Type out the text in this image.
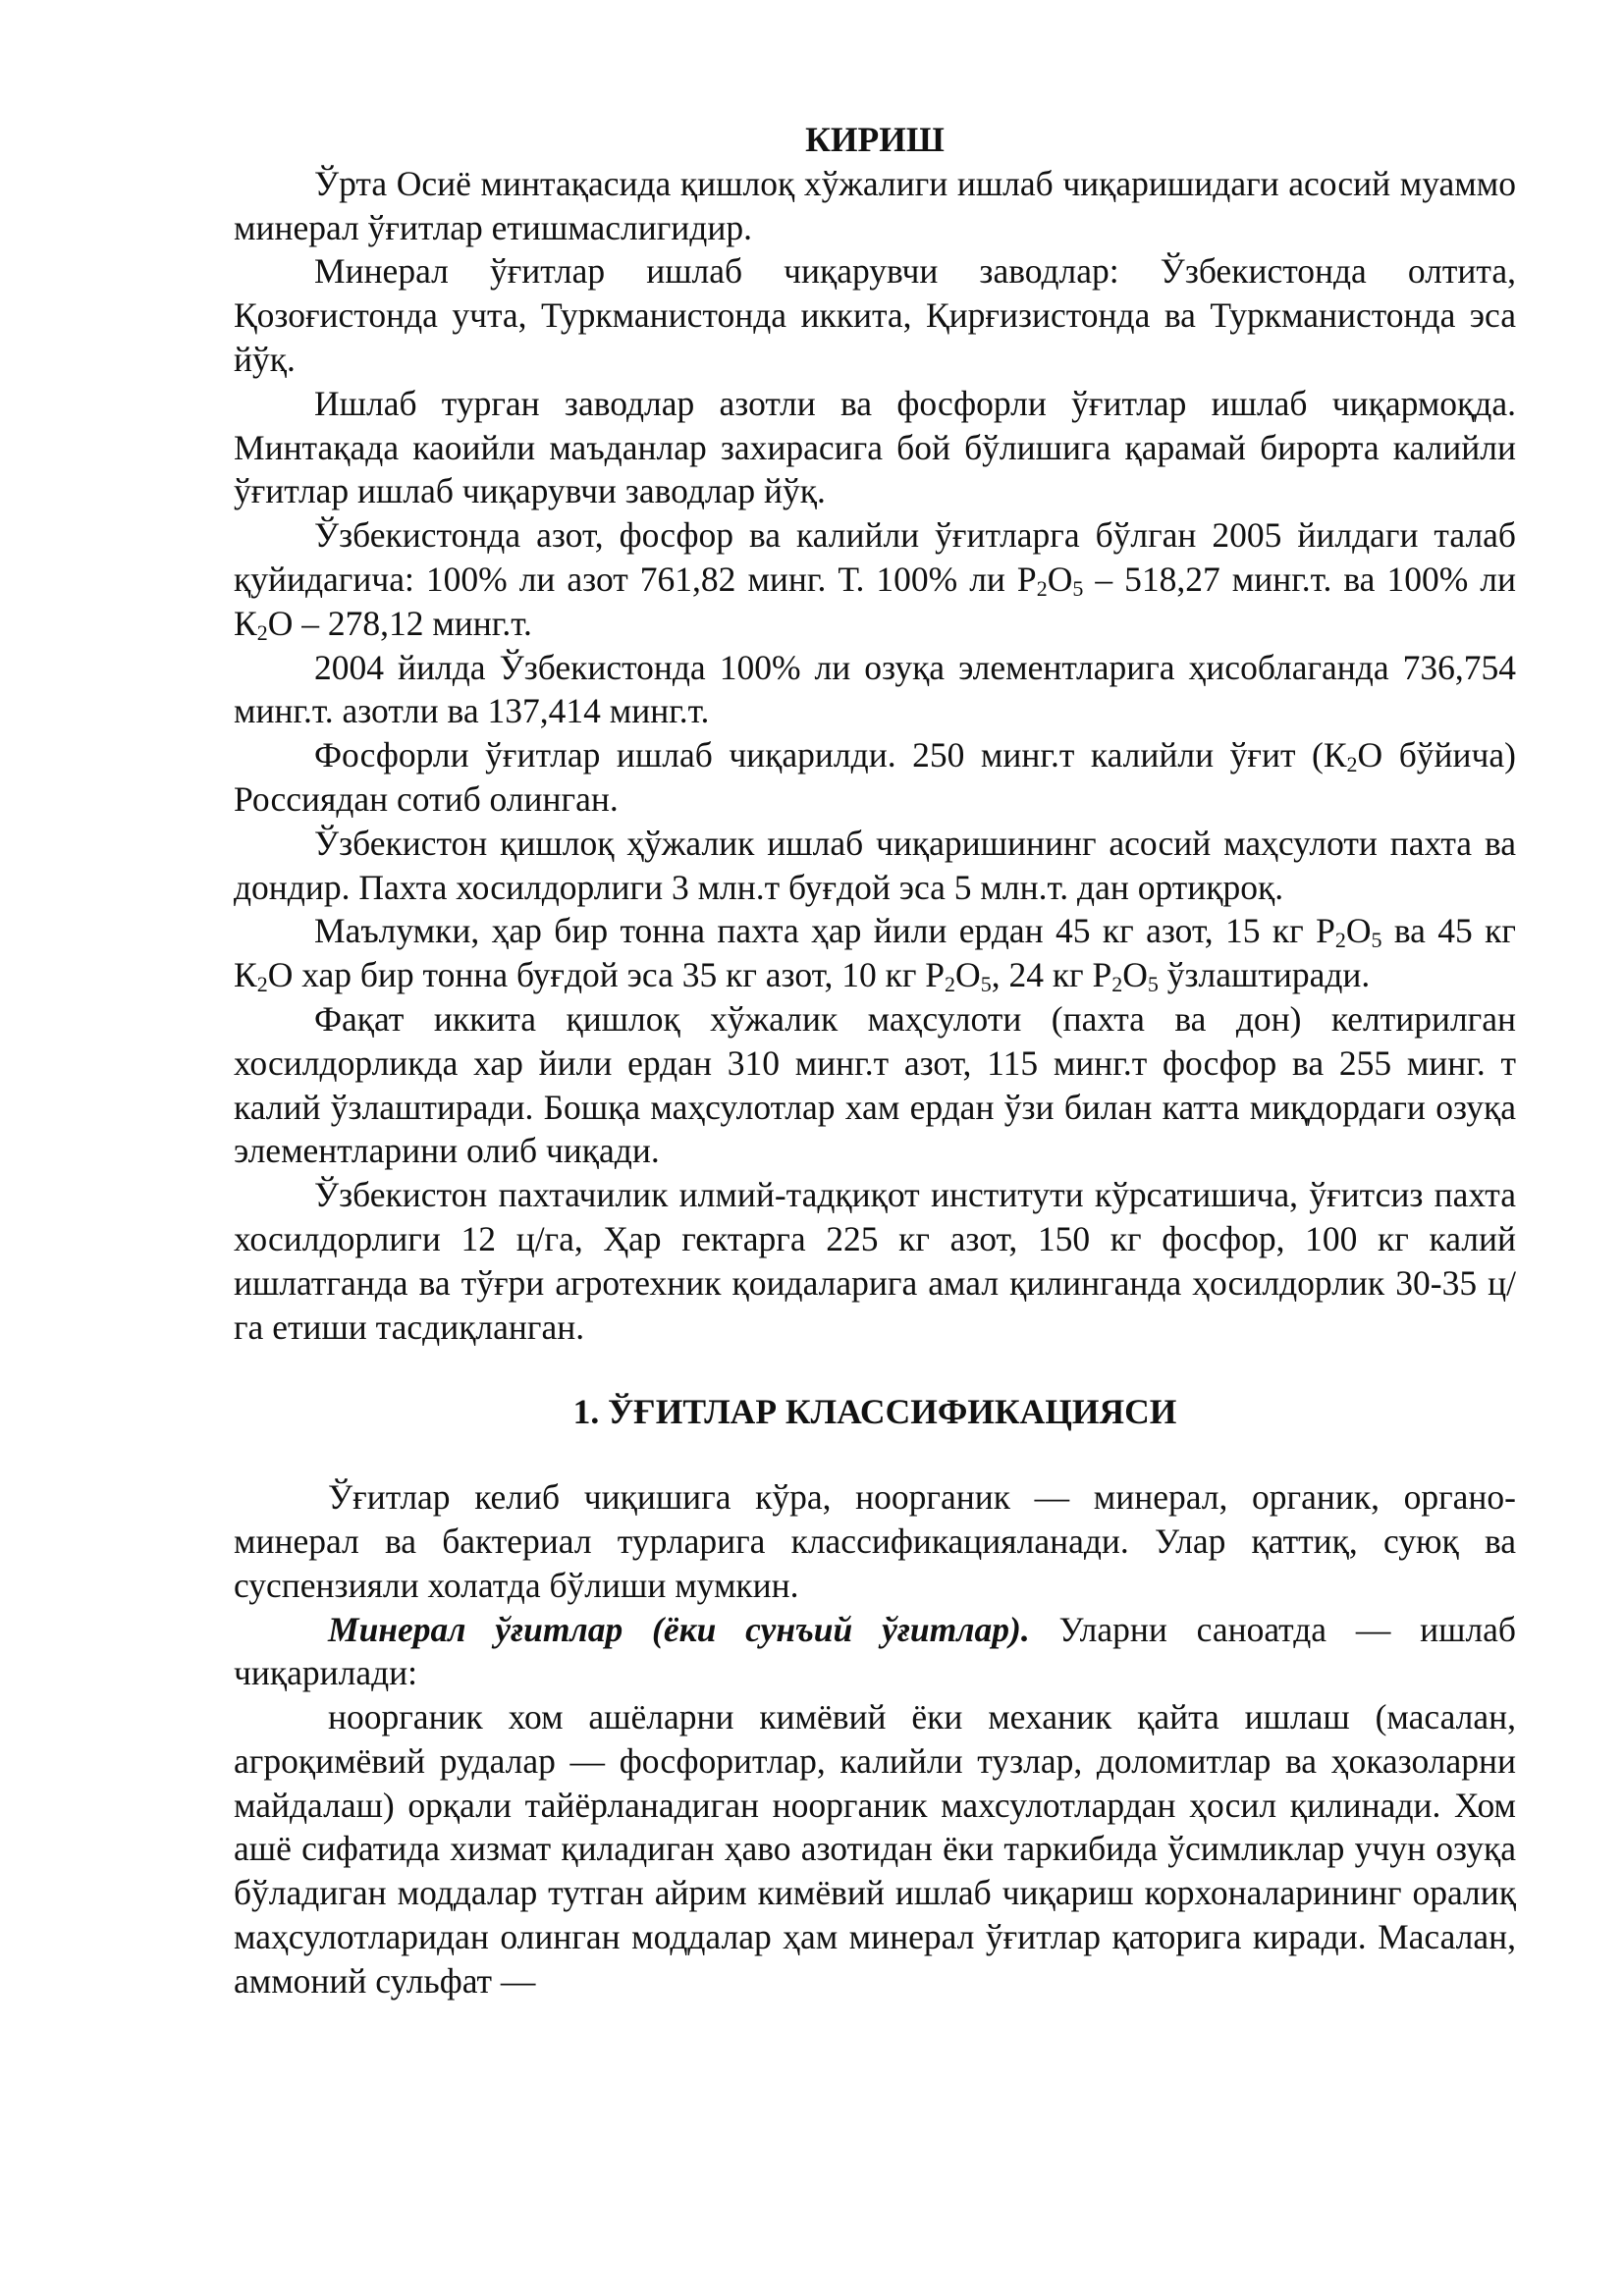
КИРИШ

Ўрта Осиё минтақасида қишлоқ хўжалиги ишлаб чиқаришидаги асосий муаммо минерал ўғитлар етишмаслигидир.

Минерал ўғитлар ишлаб чиқарувчи заводлар: Ўзбекистонда олтита, Қозоғистонда учта, Туркманистонда иккита, Қирғизистонда ва Туркманистонда эса йўқ.

Ишлаб турган заводлар азотли ва фосфорли ўғитлар ишлаб чиқармоқда. Минтақада каоийли маъданлар захирасига бой бўлишига қарамай бирорта калийли ўғитлар ишлаб чиқарувчи заводлар йўқ.

Ўзбекистонда азот, фосфор ва калийли ўғитларга бўлган 2005 йилдаги талаб қуйидагича: 100% ли азот 761,82 минг. Т. 100% ли $P_2O_5 - 518,27$ минг.т. ва 100% ли $К_2О - 278,12$ минг.т.

2004 йилда Ўзбекистонда 100% ли озуқа элементларига ҳисоблаганда 736,754 минг.т. азотли ва 137,414 минг.т.

Фосфорли ўғитлар ишлаб чиқарилди. 250 минг.т калийли ўғит ($К_2О$ бўйича) Россиядан сотиб олинган.

Ўзбекистон қишлоқ ҳўжалик ишлаб чиқаришининг асосий маҳсулоти пахта ва дондир. Пахта хосилдорлиги 3 млн.т буғдой эса 5 млн.т. дан ортиқроқ.

Маълумки, ҳар бир тонна пахта ҳар йили ердан 45 кг азот, 15 кг $Р_2О_5$ ва 45 кг $К_2О$ хар бир тонна буғдой эса 35 кг азот, 10 кг $Р_2О_5$, 24 кг $Р_2О_5$ ўзлаштиради.

Фақат иккита қишлоқ хўжалик маҳсулоти (пахта ва дон) келтирилган хосилдорликда хар йили ердан 310 минг.т азот, 115 минг.т фосфор ва 255 минг. т калий ўзлаштиради. Бошқа маҳсулотлар хам ердан ўзи билан катта миқдордаги озуқа элементларини олиб чиқади.

Ўзбекистон пахтачилик илмий-тадқиқот институти кўрсатишича, ўғитсиз пахта хосилдорлиги 12 ц/га, Ҳар гектарга 225 кг азот, 150 кг фосфор, 100 кг калий ишлатганда ва тўғри агротехник қоидаларига амал қилинганда ҳосилдорлик 30-35 ц/га етиши тасдиқланган.

1. ЎҒИТЛАР КЛАССИФИКАЦИЯСИ

Ўғитлар келиб чиқишига кўра, ноорганик — минерал, органик, органо-минерал ва бактериал турларига классификацияланади. Улар қаттиқ, суюқ ва суспензияли холатда бўлиши мумкин.

Минерал ўғитлар (ёки сунъий ўғитлар). Уларни саноатда — ишлаб чиқарилади:

ноорганик хом ашёларни кимёвий ёки механик қайта ишлаш (масалан, агроқимёвий рудалар — фосфоритлар, калийли тузлар, доломитлар ва ҳоказоларни майдалаш) орқали тайёрланадиган ноорганик махсулотлардан ҳосил қилинади. Хом ашё сифатида хизмат қиладиган ҳаво азотидан ёки таркибида ўсимликлар учун озуқа бўладиган моддалар тутган айрим кимёвий ишлаб чиқариш корхоналарининг оралиқ маҳсулотларидан олинган моддалар ҳам минерал ўғитлар қаторига киради. Масалан, аммоний сульфат —
